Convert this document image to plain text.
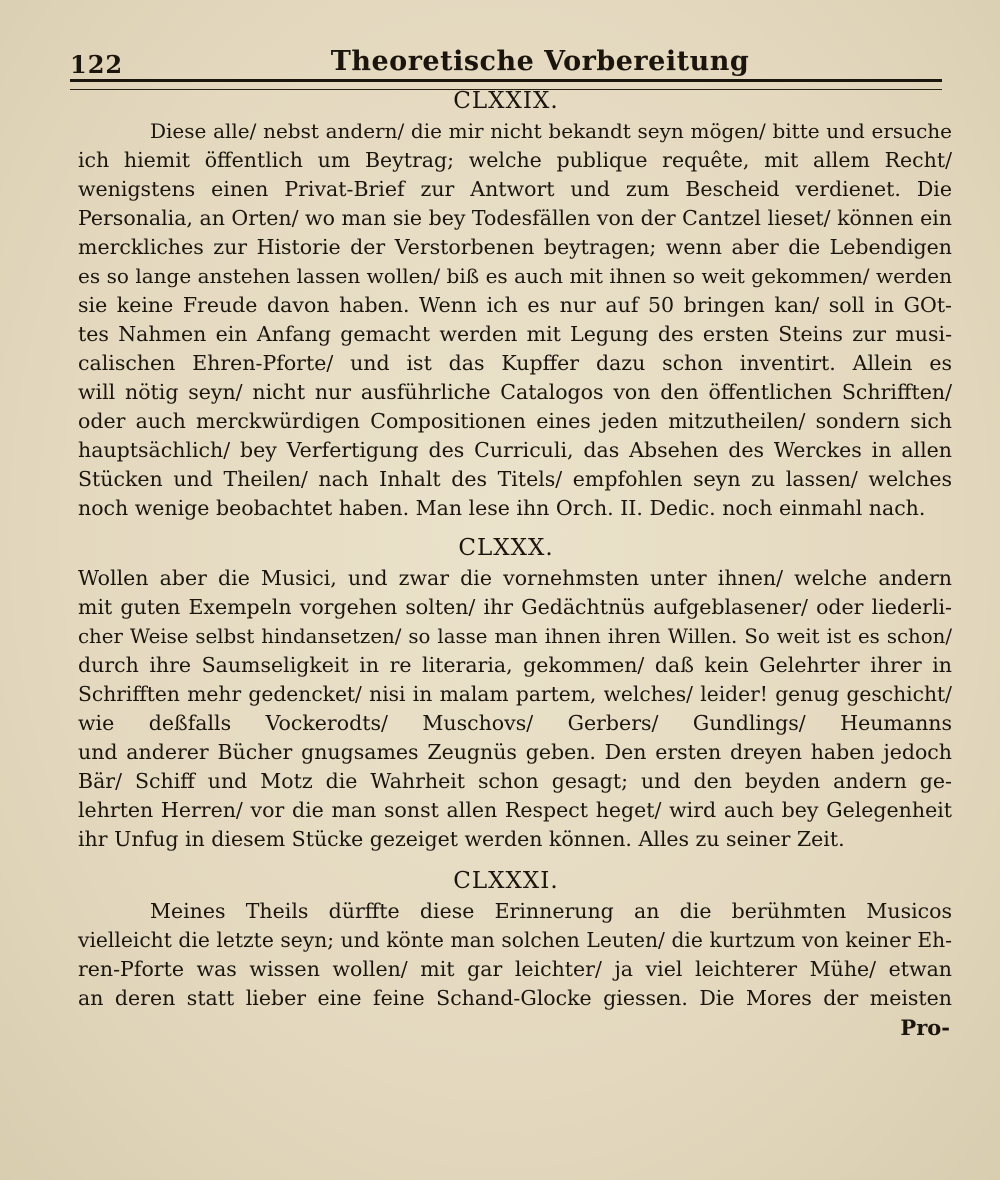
122	Theoretische Vorbereitung
CLXXIX.
Diese alle/ nebst andern/ die mir nicht bekandt seyn mögen/ bitte und ersuche
ich hiemit öffentlich um Beytrag; welche publique requête, mit allem Recht/
wenigstens einen Privat-Brief zur Antwort und zum Bescheid verdienet. Die
Personalia, an Orten/ wo man sie bey Todesfällen von der Cantzel lieset/ können ein
merckliches zur Historie der Verstorbenen beytragen; wenn aber die Lebendigen
es so lange anstehen lassen wollen/ biß es auch mit ihnen so weit gekommen/ werden
sie keine Freude davon haben. Wenn ich es nur auf 50 bringen kan/ soll in GOt-
tes Nahmen ein Anfang gemacht werden mit Legung des ersten Steins zur musi-
calischen Ehren-Pforte/ und ist das Kupffer dazu schon inventirt. Allein es
will nötig seyn/ nicht nur ausführliche Catalogos von den öffentlichen Schrifften/
oder auch merckwürdigen Compositionen eines jeden mitzutheilen/ sondern sich
hauptsächlich/ bey Verfertigung des Curriculi, das Absehen des Werckes in allen
Stücken und Theilen/ nach Inhalt des Titels/ empfohlen seyn zu lassen/ welches
noch wenige beobachtet haben. Man lese ihn Orch. II. Dedic. noch einmahl nach.
CLXXX.
Wollen aber die Musici, und zwar die vornehmsten unter ihnen/ welche andern
mit guten Exempeln vorgehen solten/ ihr Gedächtnüs aufgeblasener/ oder liederli-
cher Weise selbst hindansetzen/ so lasse man ihnen ihren Willen. So weit ist es schon/
durch ihre Saumseligkeit in re literaria, gekommen/ daß kein Gelehrter ihrer in
Schrifften mehr gedencket/ nisi in malam partem, welches/ leider! genug geschicht/
wie deßfalls Vockerodts/ Muschovs/ Gerbers/ Gundlings/ Heumanns
und anderer Bücher gnugsames Zeugnüs geben. Den ersten dreyen haben jedoch
Bär/ Schiff und Motz die Wahrheit schon gesagt; und den beyden andern ge-
lehrten Herren/ vor die man sonst allen Respect heget/ wird auch bey Gelegenheit
ihr Unfug in diesem Stücke gezeiget werden können. Alles zu seiner Zeit.
CLXXXI.
Meines Theils dürffte diese Erinnerung an die berühmten Musicos
vielleicht die letzte seyn; und könte man solchen Leuten/ die kurtzum von keiner Eh-
ren-Pforte was wissen wollen/ mit gar leichter/ ja viel leichterer Mühe/ etwan
an deren statt lieber eine feine Schand-Glocke giessen. Die Mores der meisten
Pro-
